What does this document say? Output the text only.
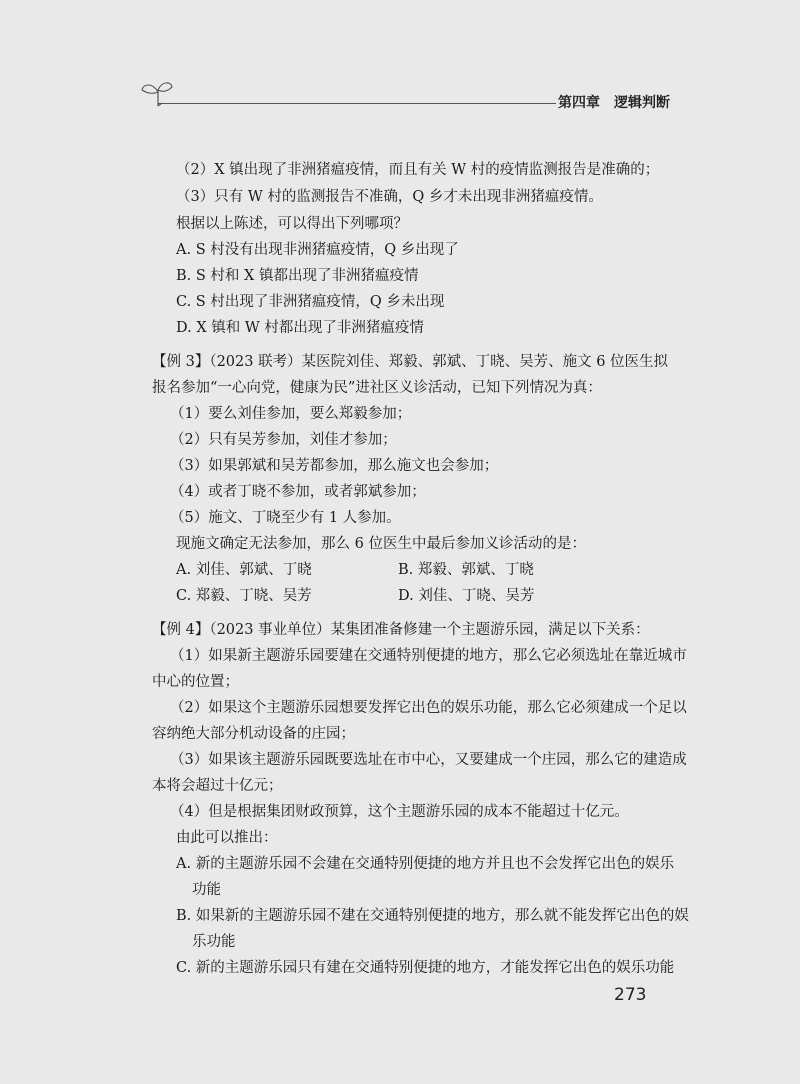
第四章 逻辑判断
（2）X 镇出现了非洲猪瘟疫情，而且有关 W 村的疫情监测报告是准确的；
（3）只有 W 村的监测报告不准确，Q 乡才未出现非洲猪瘟疫情。
根据以上陈述，可以得出下列哪项？
A. S 村没有出现非洲猪瘟疫情，Q 乡出现了
B. S 村和 X 镇都出现了非洲猪瘟疫情
C. S 村出现了非洲猪瘟疫情，Q 乡未出现
D. X 镇和 W 村都出现了非洲猪瘟疫情
【例 3】（2023 联考）某医院刘佳、郑毅、郭斌、丁晓、吴芳、施文 6 位医生拟
报名参加“一心向党，健康为民”进社区义诊活动，已知下列情况为真：
（1）要么刘佳参加，要么郑毅参加；
（2）只有吴芳参加，刘佳才参加；
（3）如果郭斌和吴芳都参加，那么施文也会参加；
（4）或者丁晓不参加，或者郭斌参加；
（5）施文、丁晓至少有 1 人参加。
现施文确定无法参加，那么 6 位医生中最后参加义诊活动的是：
A. 刘佳、郭斌、丁晓	B. 郑毅、郭斌、丁晓
C. 郑毅、丁晓、吴芳	D. 刘佳、丁晓、吴芳
【例 4】（2023 事业单位）某集团准备修建一个主题游乐园，满足以下关系：
（1）如果新主题游乐园要建在交通特别便捷的地方，那么它必须选址在靠近城市
中心的位置；
（2）如果这个主题游乐园想要发挥它出色的娱乐功能，那么它必须建成一个足以
容纳绝大部分机动设备的庄园；
（3）如果该主题游乐园既要选址在市中心，又要建成一个庄园，那么它的建造成
本将会超过十亿元；
（4）但是根据集团财政预算，这个主题游乐园的成本不能超过十亿元。
由此可以推出：
A. 新的主题游乐园不会建在交通特别便捷的地方并且也不会发挥它出色的娱乐
功能
B. 如果新的主题游乐园不建在交通特别便捷的地方，那么就不能发挥它出色的娱
乐功能
C. 新的主题游乐园只有建在交通特别便捷的地方，才能发挥它出色的娱乐功能
273
